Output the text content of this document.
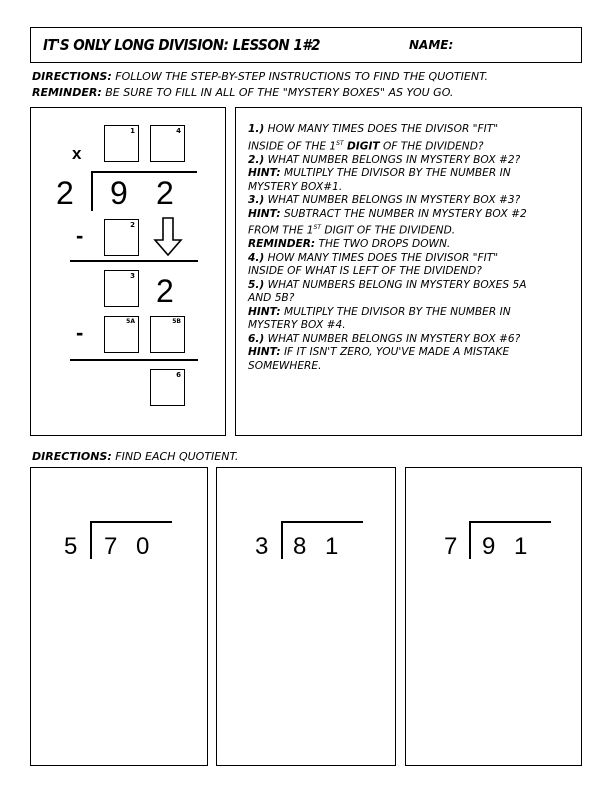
IT'S ONLY LONG DIVISION: LESSON 1#2	NAME:
DIRECTIONS: FOLLOW THE STEP-BY-STEP INSTRUCTIONS TO FIND THE QUOTIENT.
REMINDER: BE SURE TO FILL IN ALL OF THE "MYSTERY BOXES" AS YOU GO.
x
1	4
2 9 2
-	2
3 2
-	5A	5B
6
1.) HOW MANY TIMES DOES THE DIVISOR "FIT"
INSIDE OF THE 1ST DIGIT OF THE DIVIDEND?
2.) WHAT NUMBER BELONGS IN MYSTERY BOX #2?
HINT: MULTIPLY THE DIVISOR BY THE NUMBER IN
MYSTERY BOX#1.
3.) WHAT NUMBER BELONGS IN MYSTERY BOX #3?
HINT: SUBTRACT THE NUMBER IN MYSTERY BOX #2
FROM THE 1ST DIGIT OF THE DIVIDEND.
REMINDER: THE TWO DROPS DOWN.
4.) HOW MANY TIMES DOES THE DIVISOR "FIT"
INSIDE OF WHAT IS LEFT OF THE DIVIDEND?
5.) WHAT NUMBERS BELONG IN MYSTERY BOXES 5A
AND 5B?
HINT: MULTIPLY THE DIVISOR BY THE NUMBER IN
MYSTERY BOX #4.
6.) WHAT NUMBER BELONGS IN MYSTERY BOX #6?
HINT: IF IT ISN'T ZERO, YOU'VE MADE A MISTAKE
SOMEWHERE.
DIRECTIONS: FIND EACH QUOTIENT.
5 7 0	3 8 1	7 9 1
